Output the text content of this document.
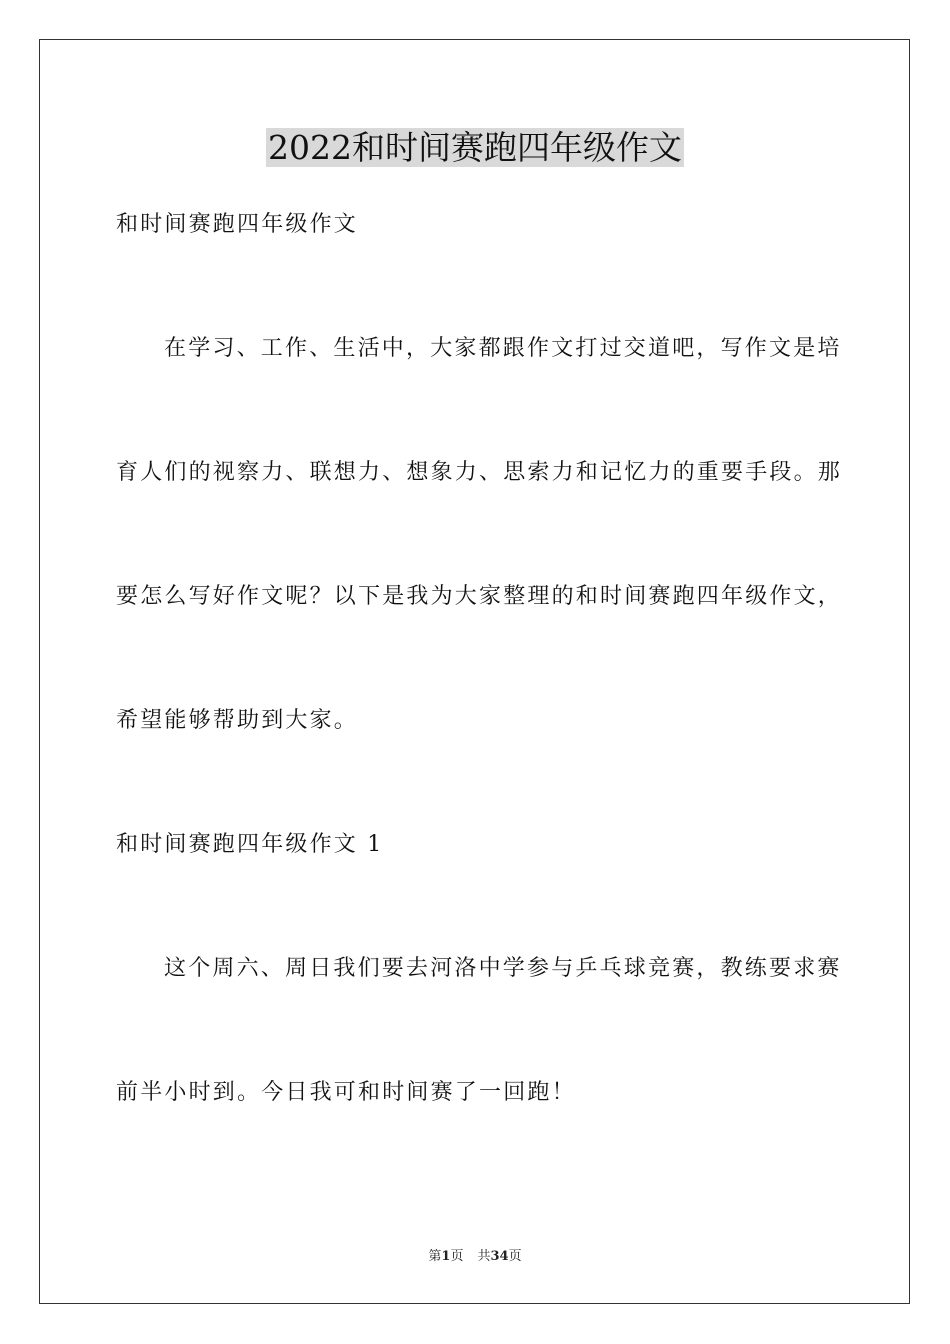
2022和时间赛跑四年级作文
和时间赛跑四年级作文
在学习、工作、生活中，大家都跟作文打过交道吧，写作文是培
育人们的视察力、联想力、想象力、思索力和记忆力的重要手段。那
要怎么写好作文呢？以下是我为大家整理的和时间赛跑四年级作文，
希望能够帮助到大家。
和时间赛跑四年级作文 1
这个周六、周日我们要去河洛中学参与乒乓球竞赛，教练要求赛
前半小时到。今日我可和时间赛了一回跑！
第1页 共34页
